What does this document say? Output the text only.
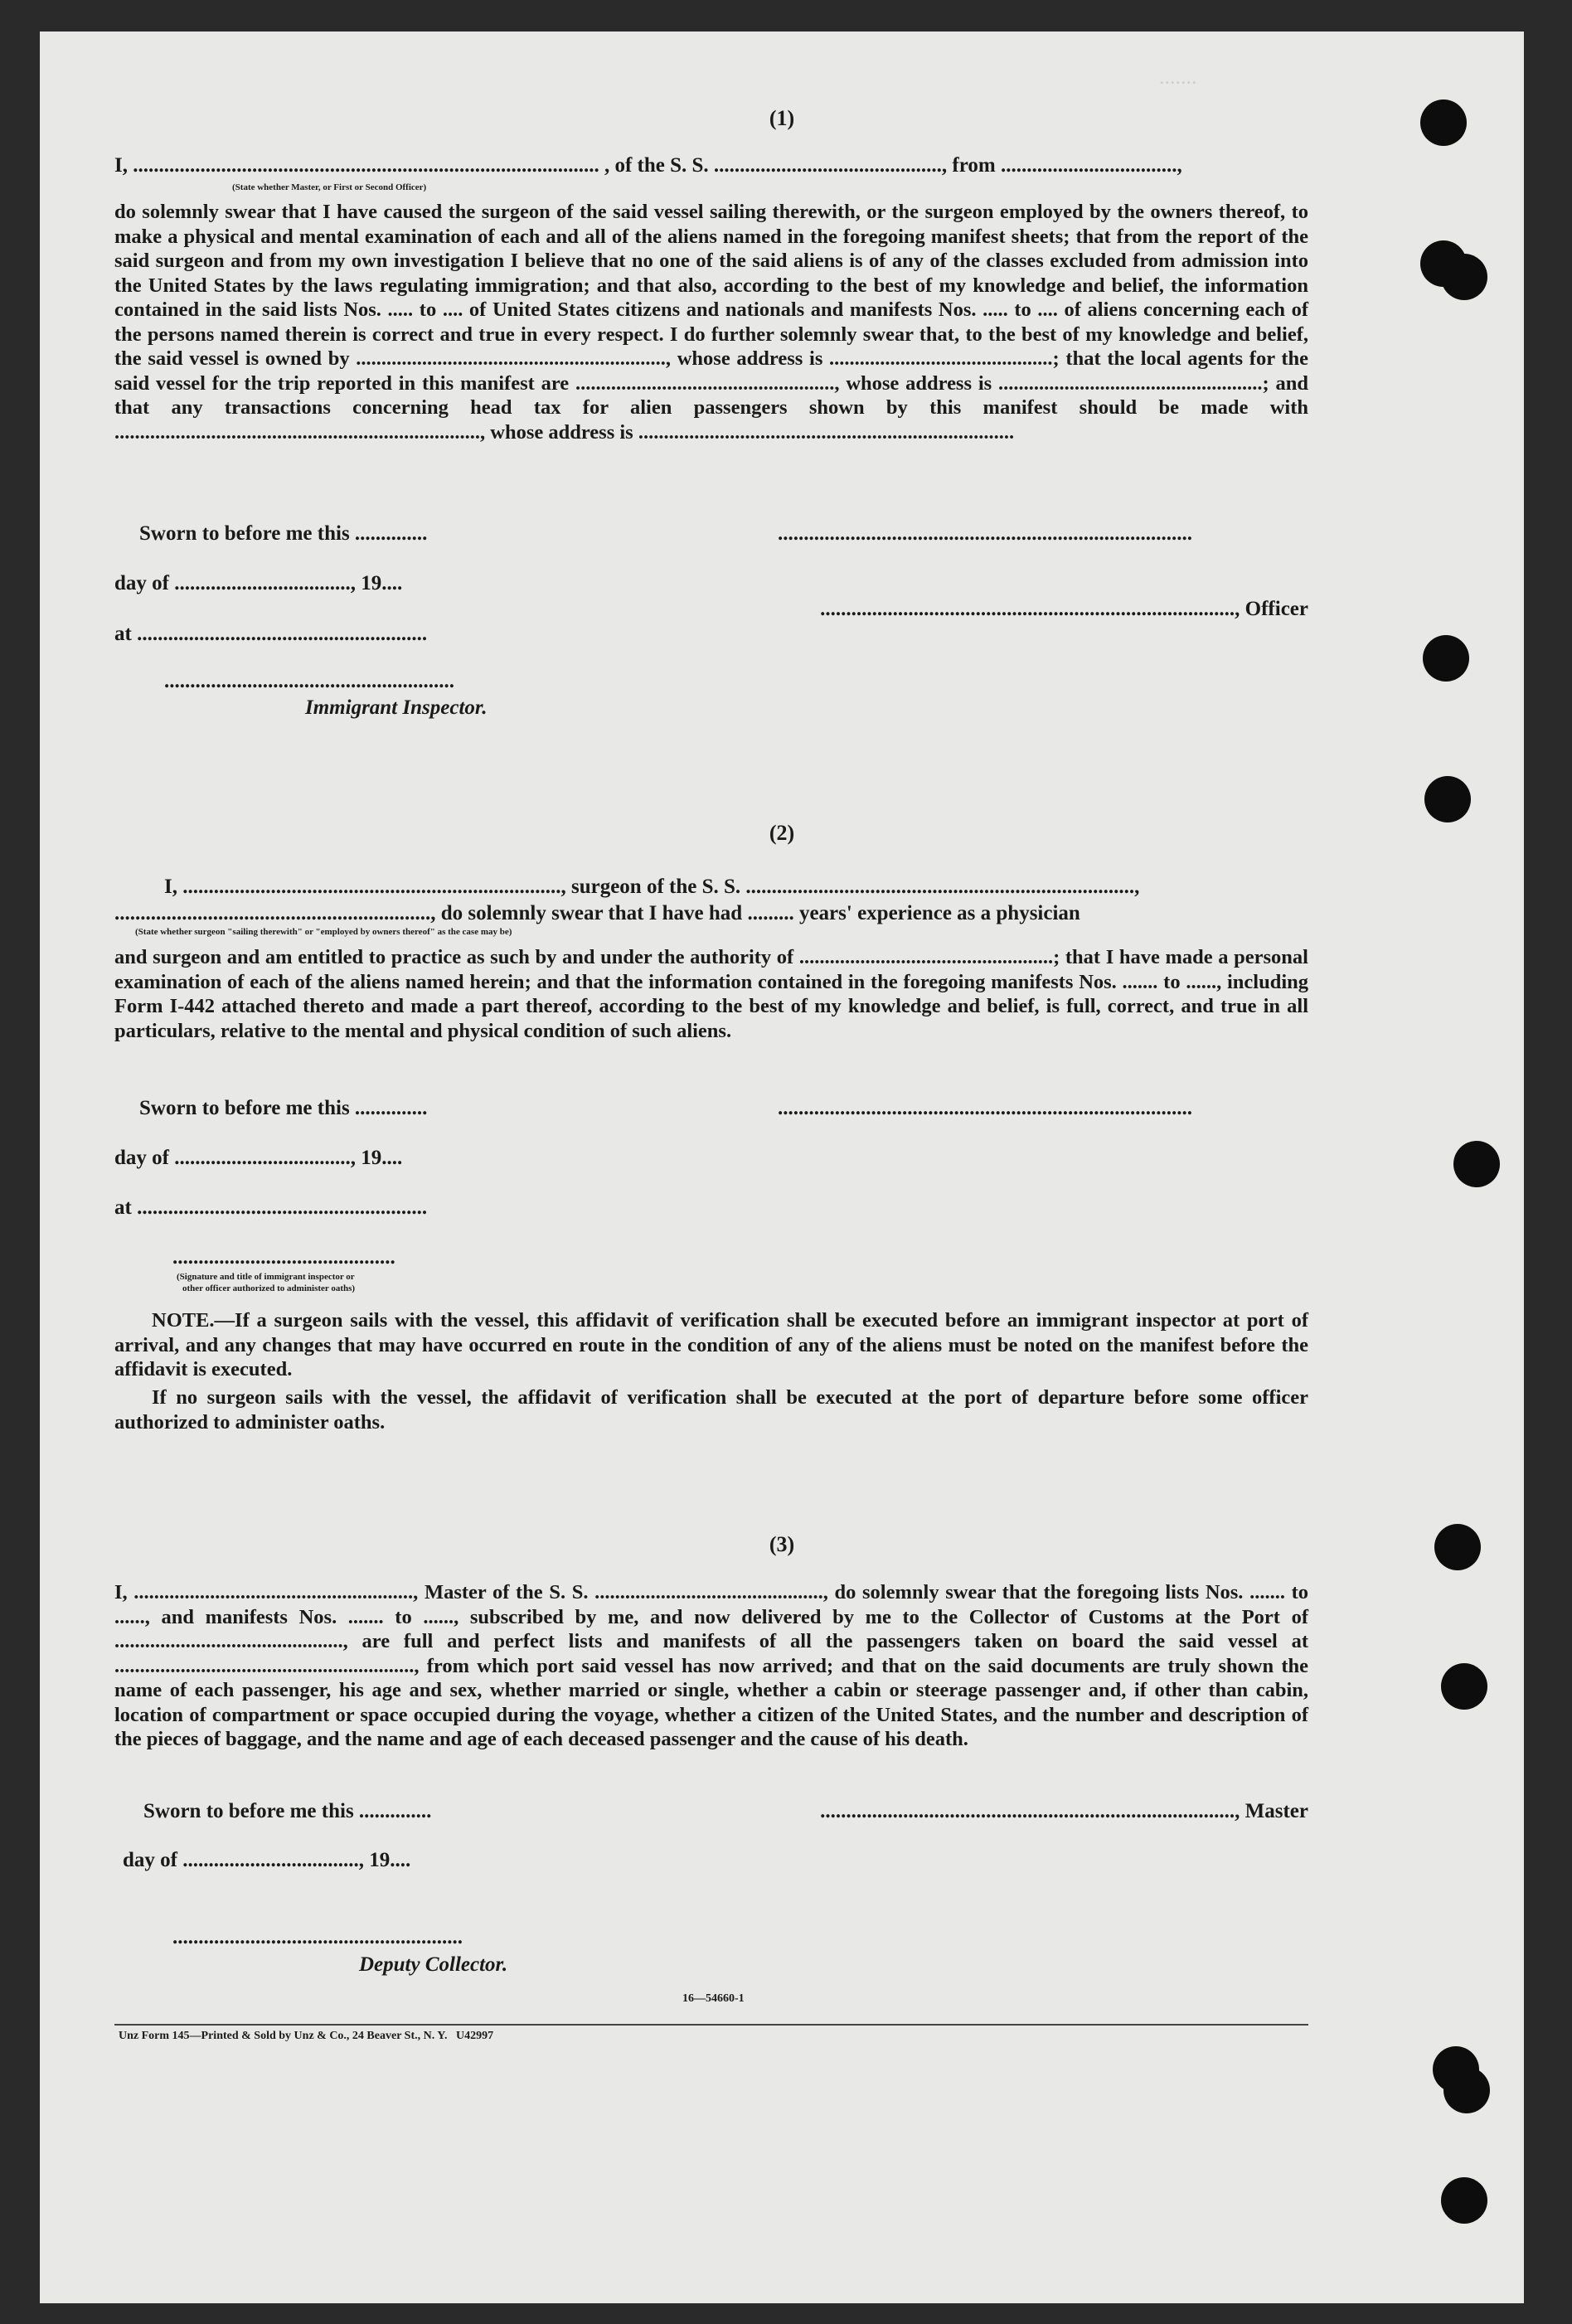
.......
(1)
I, .......................................................................................... , of the S. S. ............................................, from ..................................,
(State whether Master, or First or Second Officer)
do solemnly swear that I have caused the surgeon of the said vessel sailing therewith, or the surgeon employed by the owners thereof, to make a physical and mental examination of each and all of the aliens named in the foregoing manifest sheets; that from the report of the said surgeon and from my own investigation I believe that no one of the said aliens is of any of the classes excluded from admission into the United States by the laws regulating immigration; and that also, according to the best of my knowledge and belief, the information contained in the said lists Nos. ..... to .... of United States citizens and nationals and manifests Nos. ..... to .... of aliens concerning each of the persons named therein is correct and true in every respect. I do further solemnly swear that, to the best of my knowledge and belief, the said vessel is owned by ............................................................., whose address is ............................................; that the local agents for the said vessel for the trip reported in this manifest are ..................................................., whose address is ....................................................; and that any transactions concerning head tax for alien passengers shown by this manifest should be made with ........................................................................, whose address is ..........................................................................
Sworn to before me this ..............	................................................................................
day of .................................., 19....
................................................................................, Officer
at ........................................................
........................................................
Immigrant Inspector.
(2)
I, ........................................................................., surgeon of the S. S. ...........................................................................,
............................................................., do solemnly swear that I have had ......... years' experience as a physician
(State whether surgeon "sailing therewith" or "employed by owners thereof" as the case may be)
and surgeon and am entitled to practice as such by and under the authority of ..................................................; that I have made a personal examination of each of the aliens named herein; and that the information contained in the foregoing manifests Nos. ....... to ......, including Form I-442 attached thereto and made a part thereof, according to the best of my knowledge and belief, is full, correct, and true in all particulars, relative to the mental and physical condition of such aliens.
Sworn to before me this ..............	................................................................................
day of .................................., 19....
at ........................................................
...........................................
(Signature and title of immigrant inspector or
other officer authorized to administer oaths)
NOTE.—If a surgeon sails with the vessel, this affidavit of verification shall be executed before an immigrant inspector at port of arrival, and any changes that may have occurred en route in the condition of any of the aliens must be noted on the manifest before the affidavit is executed.
If no surgeon sails with the vessel, the affidavit of verification shall be executed at the port of departure before some officer authorized to administer oaths.
(3)
I, ......................................................., Master of the S. S. ............................................., do solemnly swear that the foregoing lists Nos. ....... to ......, and manifests Nos. ....... to ......, subscribed by me, and now delivered by me to the Collector of Customs at the Port of ............................................., are full and perfect lists and manifests of all the passengers taken on board the said vessel at ..........................................................., from which port said vessel has now arrived; and that on the said documents are truly shown the name of each passenger, his age and sex, whether married or single, whether a cabin or steerage passenger and, if other than cabin, location of compartment or space occupied during the voyage, whether a citizen of the United States, and the number and description of the pieces of baggage, and the name and age of each deceased passenger and the cause of his death.
Sworn to before me this ..............	................................................................................, Master
day of .................................., 19....
........................................................
Deputy Collector.
16—54660-1
Unz Form 145—Printed & Sold by Unz & Co., 24 Beaver St., N. Y.   U42997
